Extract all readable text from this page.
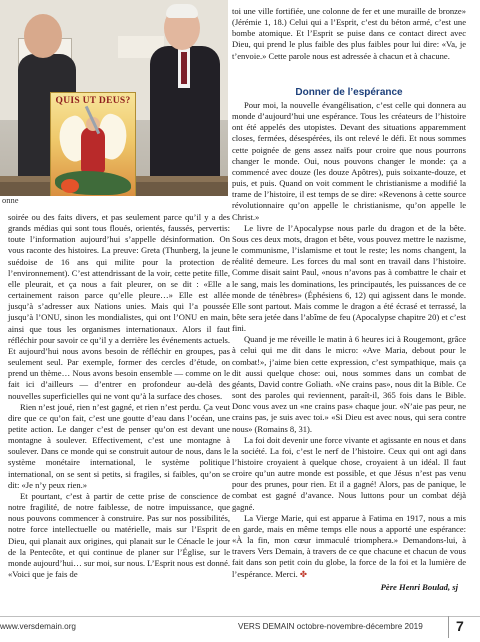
QUIS UT DEUS?
onne

soirée ou des faits divers, et pas seulement parce qu’il y a des grands médias qui sont tous floués, orientés, faussés, pervertis: toute l’information aujourd’hui s’appelle désinformation. On vous raconte des histoires. La preuve: Greta (Thunberg, la jeune suédoise de 16 ans qui milite pour la protection de l’environnement). C’est attendrissant de la voir, cette petite fille, elle pleurait, et ça nous a fait pleurer, on se dit : «Elle a certainement raison parce qu’elle pleure…» Elle est allée jusqu’à s’adresser aux Nations unies. Mais qui l’a poussée jusqu’à l’ONU, sinon les mondialistes, qui ont l’ONU en main, ainsi que tous les organismes internationaux. Alors il faut réfléchir pour savoir ce qu’il y a derrière les événements actuels. Et aujourd’hui nous avons besoin de réfléchir en groupes, pas seulement seul. Par exemple, former des cercles d’étude, on prend un thème… Nous avons besoin ensemble — comme on le fait ici d’ailleurs — d’entrer en profondeur au-delà des nouvelles superficielles qui ne vont qu’à la surface des choses.

Rien n’est joué, rien n’est gagné, et rien n’est perdu. Ça veut dire que ce qu’on fait, c’est une goutte d’eau dans l’océan, une petite action. Le danger c’est de penser qu’on est devant une montagne à soulever. Effectivement, c’est une montagne à soulever. Dans ce monde qui se construit autour de nous, dans le système monétaire international, le système politique international, on se sent si petits, si fragiles, si faibles, qu’on se dit: «Je n’y peux rien.»

Et pourtant, c’est à partir de cette prise de conscience de notre fragilité, de notre faiblesse, de notre impuissance, que nous pouvons commencer à construire. Pas sur nos possibilités, notre force intellectuelle ou matérielle, mais sur l’Esprit de Dieu, qui planait aux origines, qui planait sur le Cénacle le jour de la Pentecôte, et qui continue de planer sur l’Église, sur le monde aujourd’hui… sur moi, sur nous. L’Esprit nous est donné. «Voici que je fais de

toi une ville fortifiée, une colonne de fer et une muraille de bronze» (Jérémie 1, 18.) Celui qui a l’Esprit, c’est du béton armé, c’est une bombe atomique. Et l’Esprit se puise dans ce contact direct avec Dieu, qui prend le plus faible des plus faibles pour lui dire: «Va, je t’envoie.» Cette parole nous est adressée à chacun et à chacune.

Donner de l’espérance

Pour moi, la nouvelle évangélisation, c’est celle qui donnera au monde d’aujourd’hui une espérance. Tous les créateurs de l’histoire ont été appelés des utopistes. Devant des situations apparemment closes, fermées, désespérées, ils ont relevé le défi. Et nous sommes cette poignée de gens assez naïfs pour croire que nous pourrons changer le monde. Oui, nous pouvons changer le monde: ça a commencé avec douze (les douze Apôtres), puis soixante-douze, et puis, et puis. Quand on voit comment le christianisme a modifié la trame de l’histoire, il est temps de se dire: «Revenons à cette source révolutionnaire qu’on appelle le christianisme, qu’on appelle le Christ.»

Le livre de l’Apocalypse nous parle du dragon et de la bête. Sous ces deux mots, dragon et bête, vous pouvez mettre le nazisme, le communisme, l’islamisme et tout le reste; les noms changent, la réalité demeure. Les forces du mal sont en travail dans l’histoire. Comme disait saint Paul, «nous n’avons pas à combattre le chair et le sang, mais les dominations, les principautés, les puissances de ce monde de ténèbres» (Éphésiens 6, 12) qui agissent dans le monde. Elle sont partout. Mais comme le dragon a été écrasé et terrassé, la bête sera jetée dans l’abîme de feu (Apocalypse chapitre 20) et c’est fini.

Quand je me réveille le matin à 6 heures ici à Rougemont, grâce à celui qui me dit dans le micro: «Ave Maria, debout pour le combat!», j’aime bien cette expression, c’est sympathique, mais ça dit aussi quelque chose: oui, nous sommes dans un combat de géants, David contre Goliath. «Ne crains pas», nous dit la Bible. Ce sont des paroles qui reviennent, paraît-il, 365 fois dans le Bible. Donc vous avez un «ne crains pas» chaque jour. «N’aie pas peur, ne crains pas, je suis avec toi.» «Si Dieu est avec nous, qui sera contre nous» (Romains 8, 31).

La foi doit devenir une force vivante et agissante en nous et dans la société. La foi, c’est le nerf de l’histoire. Ceux qui ont agi dans l’histoire croyaient à quelque chose, croyaient à un idéal. Il faut croire qu’un autre monde est possible, et que Jésus n’est pas venu pour des prunes, pour rien. Et il a gagné! Alors, pas de panique, le combat est gagné d’avance. Nous luttons pour un combat déjà gagné.

La Vierge Marie, qui est apparue à Fatima en 1917, nous a mis en garde, mais en même temps elle nous a apporté une espérance: «À la fin, mon cœur immaculé triomphera.» Demandons-lui, à travers Vers Demain, à travers de ce que chacune et chacun de vous fait dans son petit coin du globe, la force de la foi et la lumière de l’espérance. Merci. ✤

Père Henri Boulad, sj
www.versdemain.org	VERS DEMAIN octobre-novembre-décembre 2019 7
